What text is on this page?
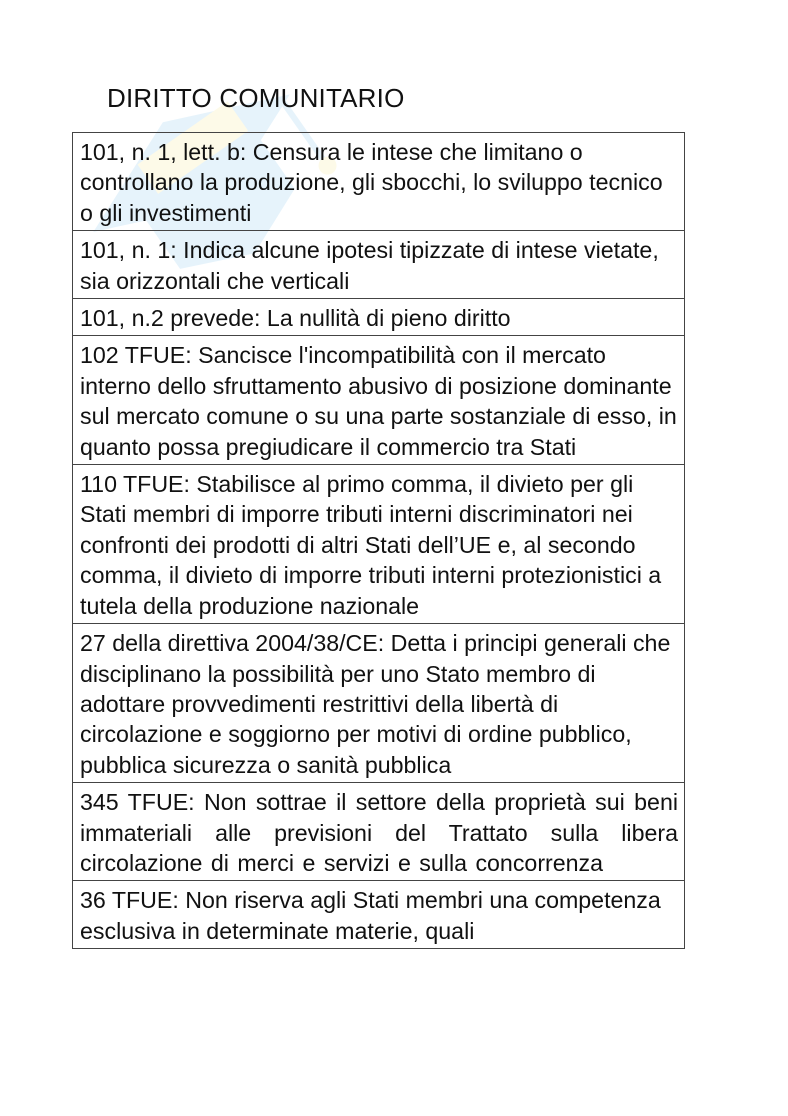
DIRITTO COMUNITARIO
101, n. 1, lett. b: Censura le intese che limitano o controllano la produzione, gli sbocchi, lo sviluppo tecnico o gli investimenti

101, n. 1: Indica alcune ipotesi tipizzate di intese vietate, sia orizzontali che verticali

101, n.2 prevede: La nullità di pieno diritto

102 TFUE: Sancisce l'incompatibilità con il mercato interno dello sfruttamento abusivo di posizione dominante sul mercato comune o su una parte sostanziale di esso, in quanto possa pregiudicare il commercio tra Stati

110 TFUE: Stabilisce al primo comma, il divieto per gli Stati membri di imporre tributi interni discriminatori nei confronti dei prodotti di altri Stati dell’UE e, al secondo comma, il divieto di imporre tributi interni protezionistici a tutela della produzione nazionale

27 della direttiva 2004/38/CE: Detta i principi generali che disciplinano la possibilità per uno Stato membro di adottare provvedimenti restrittivi della libertà di circolazione e soggiorno per motivi di ordine pubblico, pubblica sicurezza o sanità pubblica

345 TFUE: Non sottrae il settore della proprietà sui beni immateriali alle previsioni del Trattato sulla libera circolazione di merci e servizi e sulla concorrenza

36 TFUE: Non riserva agli Stati membri una competenza esclusiva in determinate materie, quali
